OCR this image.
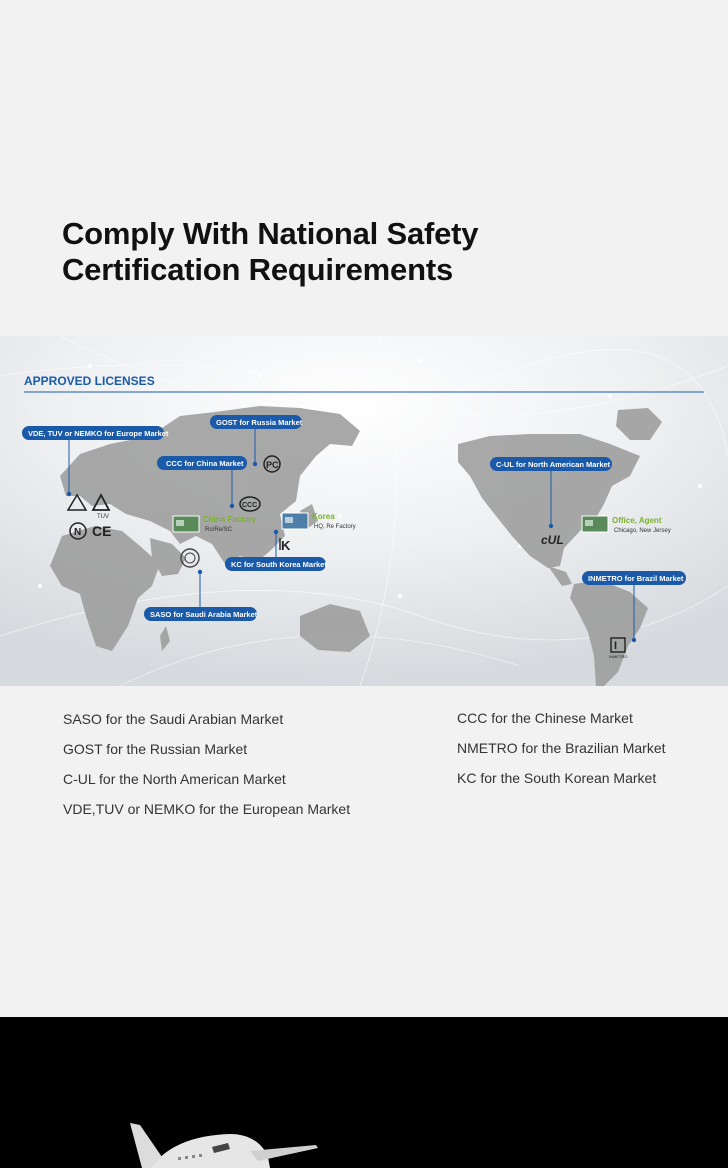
Comply With National Safety
Certification Requirements
APPROVED LICENSES
VDE, TUV or NEMKO for Europe Market
TUV
N CE
GOST for Russia Market
PC
CCC for China Market
CCC
China Factory
Ro/Re/SC
Korea
HQ, Re Factory
KC for South Korea Market
K
SASO for Saudi Arabia Market
C-UL for North American Market
cUL
Office, Agent
Chicago, New Jersey
INMETRO for Brazil Market
I
INMETRO
SASO for the Saudi Arabian Market
GOST for the Russian Market
C-UL for the North American Market
VDE,TUV or NEMKO for the European Market
CCC for the Chinese Market
NMETRO for the Brazilian Market
KC for the South Korean Market
